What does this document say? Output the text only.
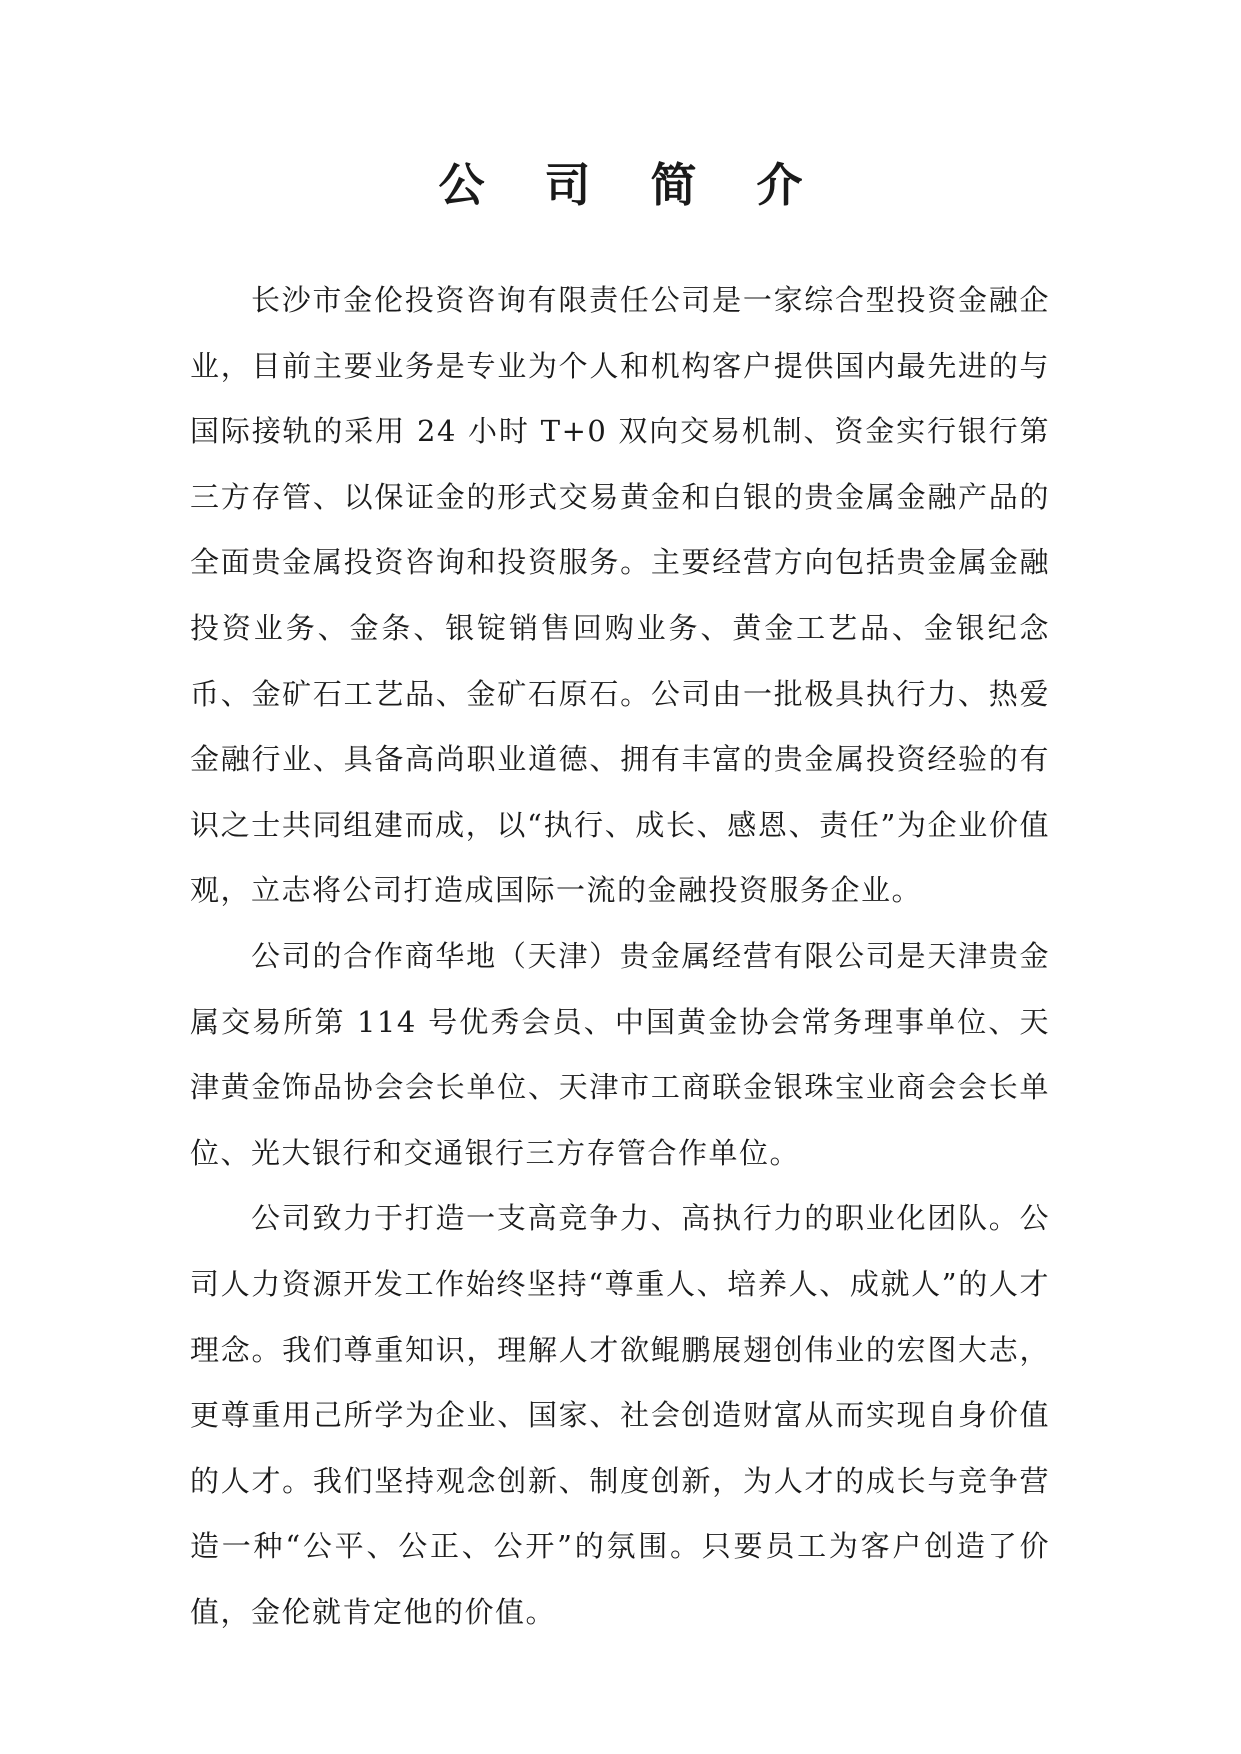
公 司 简 介

长沙市金伦投资咨询有限责任公司是一家综合型投资金融企业，目前主要业务是专业为个人和机构客户提供国内最先进的与国际接轨的采用 24 小时 T+0 双向交易机制、资金实行银行第三方存管、以保证金的形式交易黄金和白银的贵金属金融产品的全面贵金属投资咨询和投资服务。主要经营方向包括贵金属金融投资业务、金条、银锭销售回购业务、黄金工艺品、金银纪念币、金矿石工艺品、金矿石原石。公司由一批极具执行力、热爱金融行业、具备高尚职业道德、拥有丰富的贵金属投资经验的有识之士共同组建而成，以“执行、成长、感恩、责任”为企业价值观，立志将公司打造成国际一流的金融投资服务企业。

公司的合作商华地（天津）贵金属经营有限公司是天津贵金属交易所第 114 号优秀会员、中国黄金协会常务理事单位、天津黄金饰品协会会长单位、天津市工商联金银珠宝业商会会长单位、光大银行和交通银行三方存管合作单位。

公司致力于打造一支高竞争力、高执行力的职业化团队。公司人力资源开发工作始终坚持“尊重人、培养人、成就人”的人才理念。我们尊重知识，理解人才欲鲲鹏展翅创伟业的宏图大志，更尊重用己所学为企业、国家、社会创造财富从而实现自身价值的人才。我们坚持观念创新、制度创新，为人才的成长与竞争营造一种“公平、公正、公开”的氛围。只要员工为客户创造了价值，金伦就肯定他的价值。
